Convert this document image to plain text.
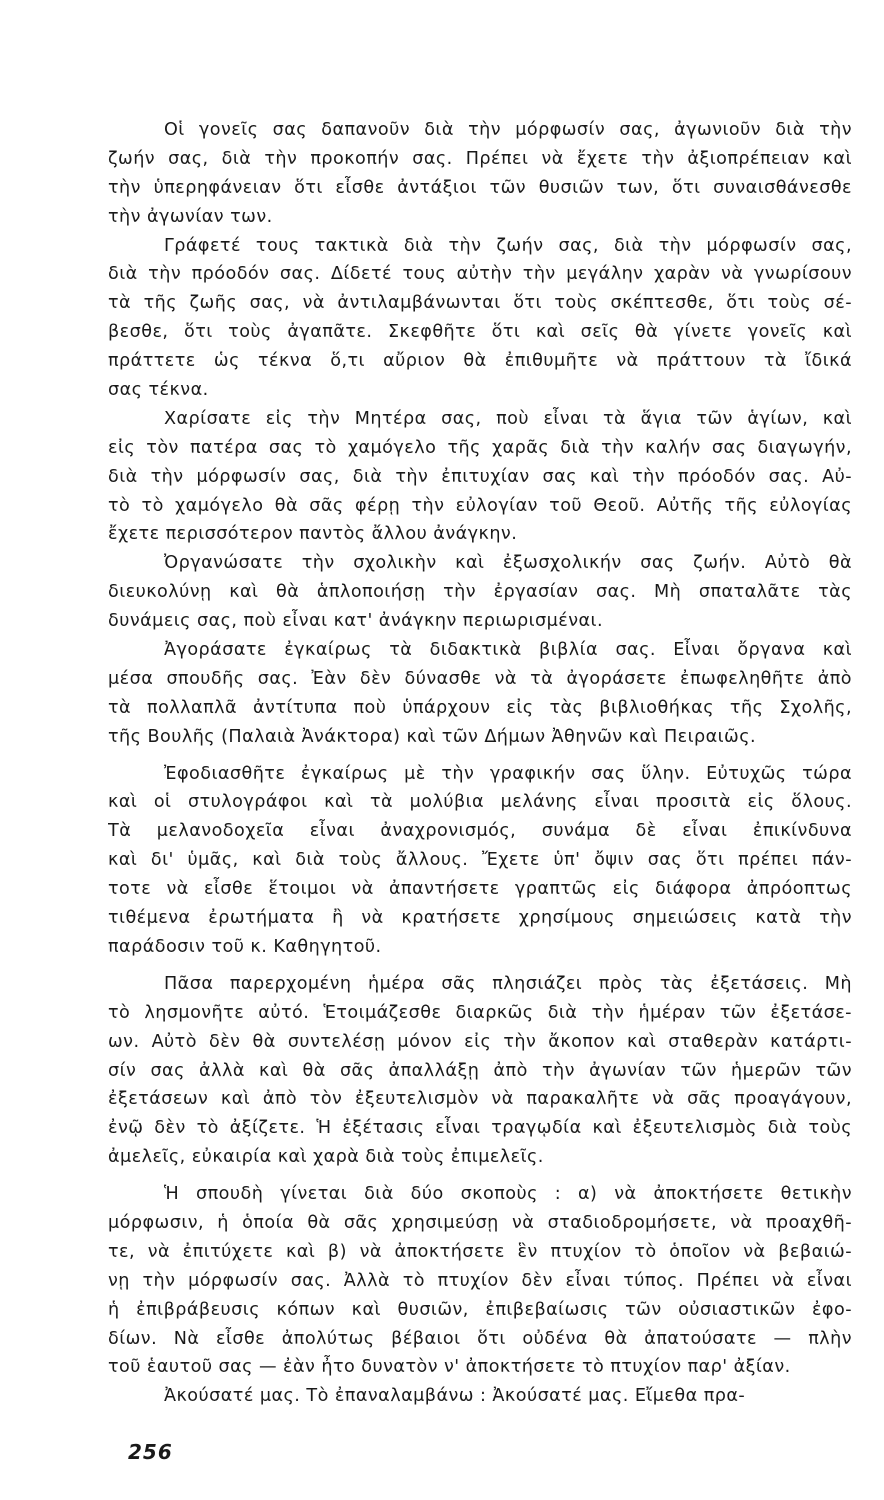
Οἱ γονεῖς σας δαπανοῦν διὰ τὴν μόρφωσίν σας, ἀγωνιοῦν διὰ τὴν
ζωήν σας, διὰ τὴν προκοπήν σας. Πρέπει νὰ ἔχετε τὴν ἀξιοπρέπειαν καὶ
τὴν ὑπερηφάνειαν ὅτι εἶσθε ἀντάξιοι τῶν θυσιῶν των, ὅτι συναισθάνεσθε
τὴν ἀγωνίαν των.
Γράφετέ τους τακτικὰ διὰ τὴν ζωήν σας, διὰ τὴν μόρφωσίν σας,
διὰ τὴν πρόοδόν σας. Δίδετέ τους αὐτὴν τὴν μεγάλην χαρὰν νὰ γνωρίσουν
τὰ τῆς ζωῆς σας, νὰ ἀντιλαμβάνωνται ὅτι τοὺς σκέπτεσθε, ὅτι τοὺς σέ-
βεσθε, ὅτι τοὺς ἀγαπᾶτε. Σκεφθῆτε ὅτι καὶ σεῖς θὰ γίνετε γονεῖς καὶ
πράττετε ὡς τέκνα ὅ,τι αὔριον θὰ ἐπιθυμῆτε νὰ πράττουν τὰ ἴδικά
σας τέκνα.
Χαρίσατε εἰς τὴν Μητέρα σας, ποὺ εἶναι τὰ ἅγια τῶν ἁγίων, καὶ
εἰς τὸν πατέρα σας τὸ χαμόγελο τῆς χαρᾶς διὰ τὴν καλήν σας διαγωγήν,
διὰ τὴν μόρφωσίν σας, διὰ τὴν ἐπιτυχίαν σας καὶ τὴν πρόοδόν σας. Αὐ-
τὸ τὸ χαμόγελο θὰ σᾶς φέρῃ τὴν εὐλογίαν τοῦ Θεοῦ. Αὐτῆς τῆς εὐλογίας
ἔχετε περισσότερον παντὸς ἄλλου ἀνάγκην.
Ὀργανώσατε τὴν σχολικὴν καὶ ἐξωσχολικήν σας ζωήν. Αὐτὸ θὰ
διευκολύνῃ καὶ θὰ ἁπλοποιήσῃ τὴν ἐργασίαν σας. Μὴ σπαταλᾶτε τὰς
δυνάμεις σας, ποὺ εἶναι κατ' ἀνάγκην περιωρισμέναι.
Ἀγοράσατε ἐγκαίρως τὰ διδακτικὰ βιβλία σας. Εἶναι ὄργανα καὶ
μέσα σπουδῆς σας. Ἐὰν δὲν δύνασθε νὰ τὰ ἀγοράσετε ἐπωφεληθῆτε ἀπὸ
τὰ πολλαπλᾶ ἀντίτυπα ποὺ ὑπάρχουν εἰς τὰς βιβλιοθήκας τῆς Σχολῆς,
τῆς Βουλῆς (Παλαιὰ Ἀνάκτορα) καὶ τῶν Δήμων Ἀθηνῶν καὶ Πειραιῶς.
Ἐφοδιασθῆτε ἐγκαίρως μὲ τὴν γραφικήν σας ὕλην. Εὐτυχῶς τώρα
καὶ οἱ στυλογράφοι καὶ τὰ μολύβια μελάνης εἶναι προσιτὰ εἰς ὅλους.
Τὰ μελανοδοχεῖα εἶναι ἀναχρονισμός, συνάμα δὲ εἶναι ἐπικίνδυνα
καὶ δι' ὑμᾶς, καὶ διὰ τοὺς ἄλλους. Ἔχετε ὑπ' ὄψιν σας ὅτι πρέπει πάν-
τοτε νὰ εἶσθε ἕτοιμοι νὰ ἀπαντήσετε γραπτῶς εἰς διάφορα ἀπρόοπτως
τιθέμενα ἐρωτήματα ἢ νὰ κρατήσετε χρησίμους σημειώσεις κατὰ τὴν
παράδοσιν τοῦ κ. Καθηγητοῦ.
Πᾶσα παρερχομένη ἡμέρα σᾶς πλησιάζει πρὸς τὰς ἐξετάσεις. Μὴ
τὸ λησμονῆτε αὐτό. Ἑτοιμάζεσθε διαρκῶς διὰ τὴν ἡμέραν τῶν ἐξετάσε-
ων. Αὐτὸ δὲν θὰ συντελέσῃ μόνον εἰς τὴν ἄκοπον καὶ σταθερὰν κατάρτι-
σίν σας ἀλλὰ καὶ θὰ σᾶς ἀπαλλάξῃ ἀπὸ τὴν ἀγωνίαν τῶν ἡμερῶν τῶν
ἐξετάσεων καὶ ἀπὸ τὸν ἐξευτελισμὸν νὰ παρακαλῆτε νὰ σᾶς προαγάγουν,
ἐνῷ δὲν τὸ ἀξίζετε. Ἡ ἐξέτασις εἶναι τραγῳδία καὶ ἐξευτελισμὸς διὰ τοὺς
ἀμελεῖς, εὐκαιρία καὶ χαρὰ διὰ τοὺς ἐπιμελεῖς.
Ἡ σπουδὴ γίνεται διὰ δύο σκοποὺς : α) νὰ ἀποκτήσετε θετικὴν
μόρφωσιν, ἡ ὁποία θὰ σᾶς χρησιμεύσῃ νὰ σταδιοδρομήσετε, νὰ προαχθῆ-
τε, νὰ ἐπιτύχετε καὶ β) νὰ ἀποκτήσετε ἓν πτυχίον τὸ ὁποῖον νὰ βεβαιώ-
νῃ τὴν μόρφωσίν σας. Ἀλλὰ τὸ πτυχίον δὲν εἶναι τύπος. Πρέπει νὰ εἶναι
ἡ ἐπιβράβευσις κόπων καὶ θυσιῶν, ἐπιβεβαίωσις τῶν οὐσιαστικῶν ἐφο-
δίων. Νὰ εἶσθε ἀπολύτως βέβαιοι ὅτι οὐδένα θὰ ἀπατούσατε — πλὴν
τοῦ ἑαυτοῦ σας — ἐὰν ἦτο δυνατὸν ν' ἀποκτήσετε τὸ πτυχίον παρ' ἀξίαν.
Ἀκούσατέ μας. Τὸ ἐπαναλαμβάνω : Ἀκούσατέ μας. Εἴμεθα πρα-
256
